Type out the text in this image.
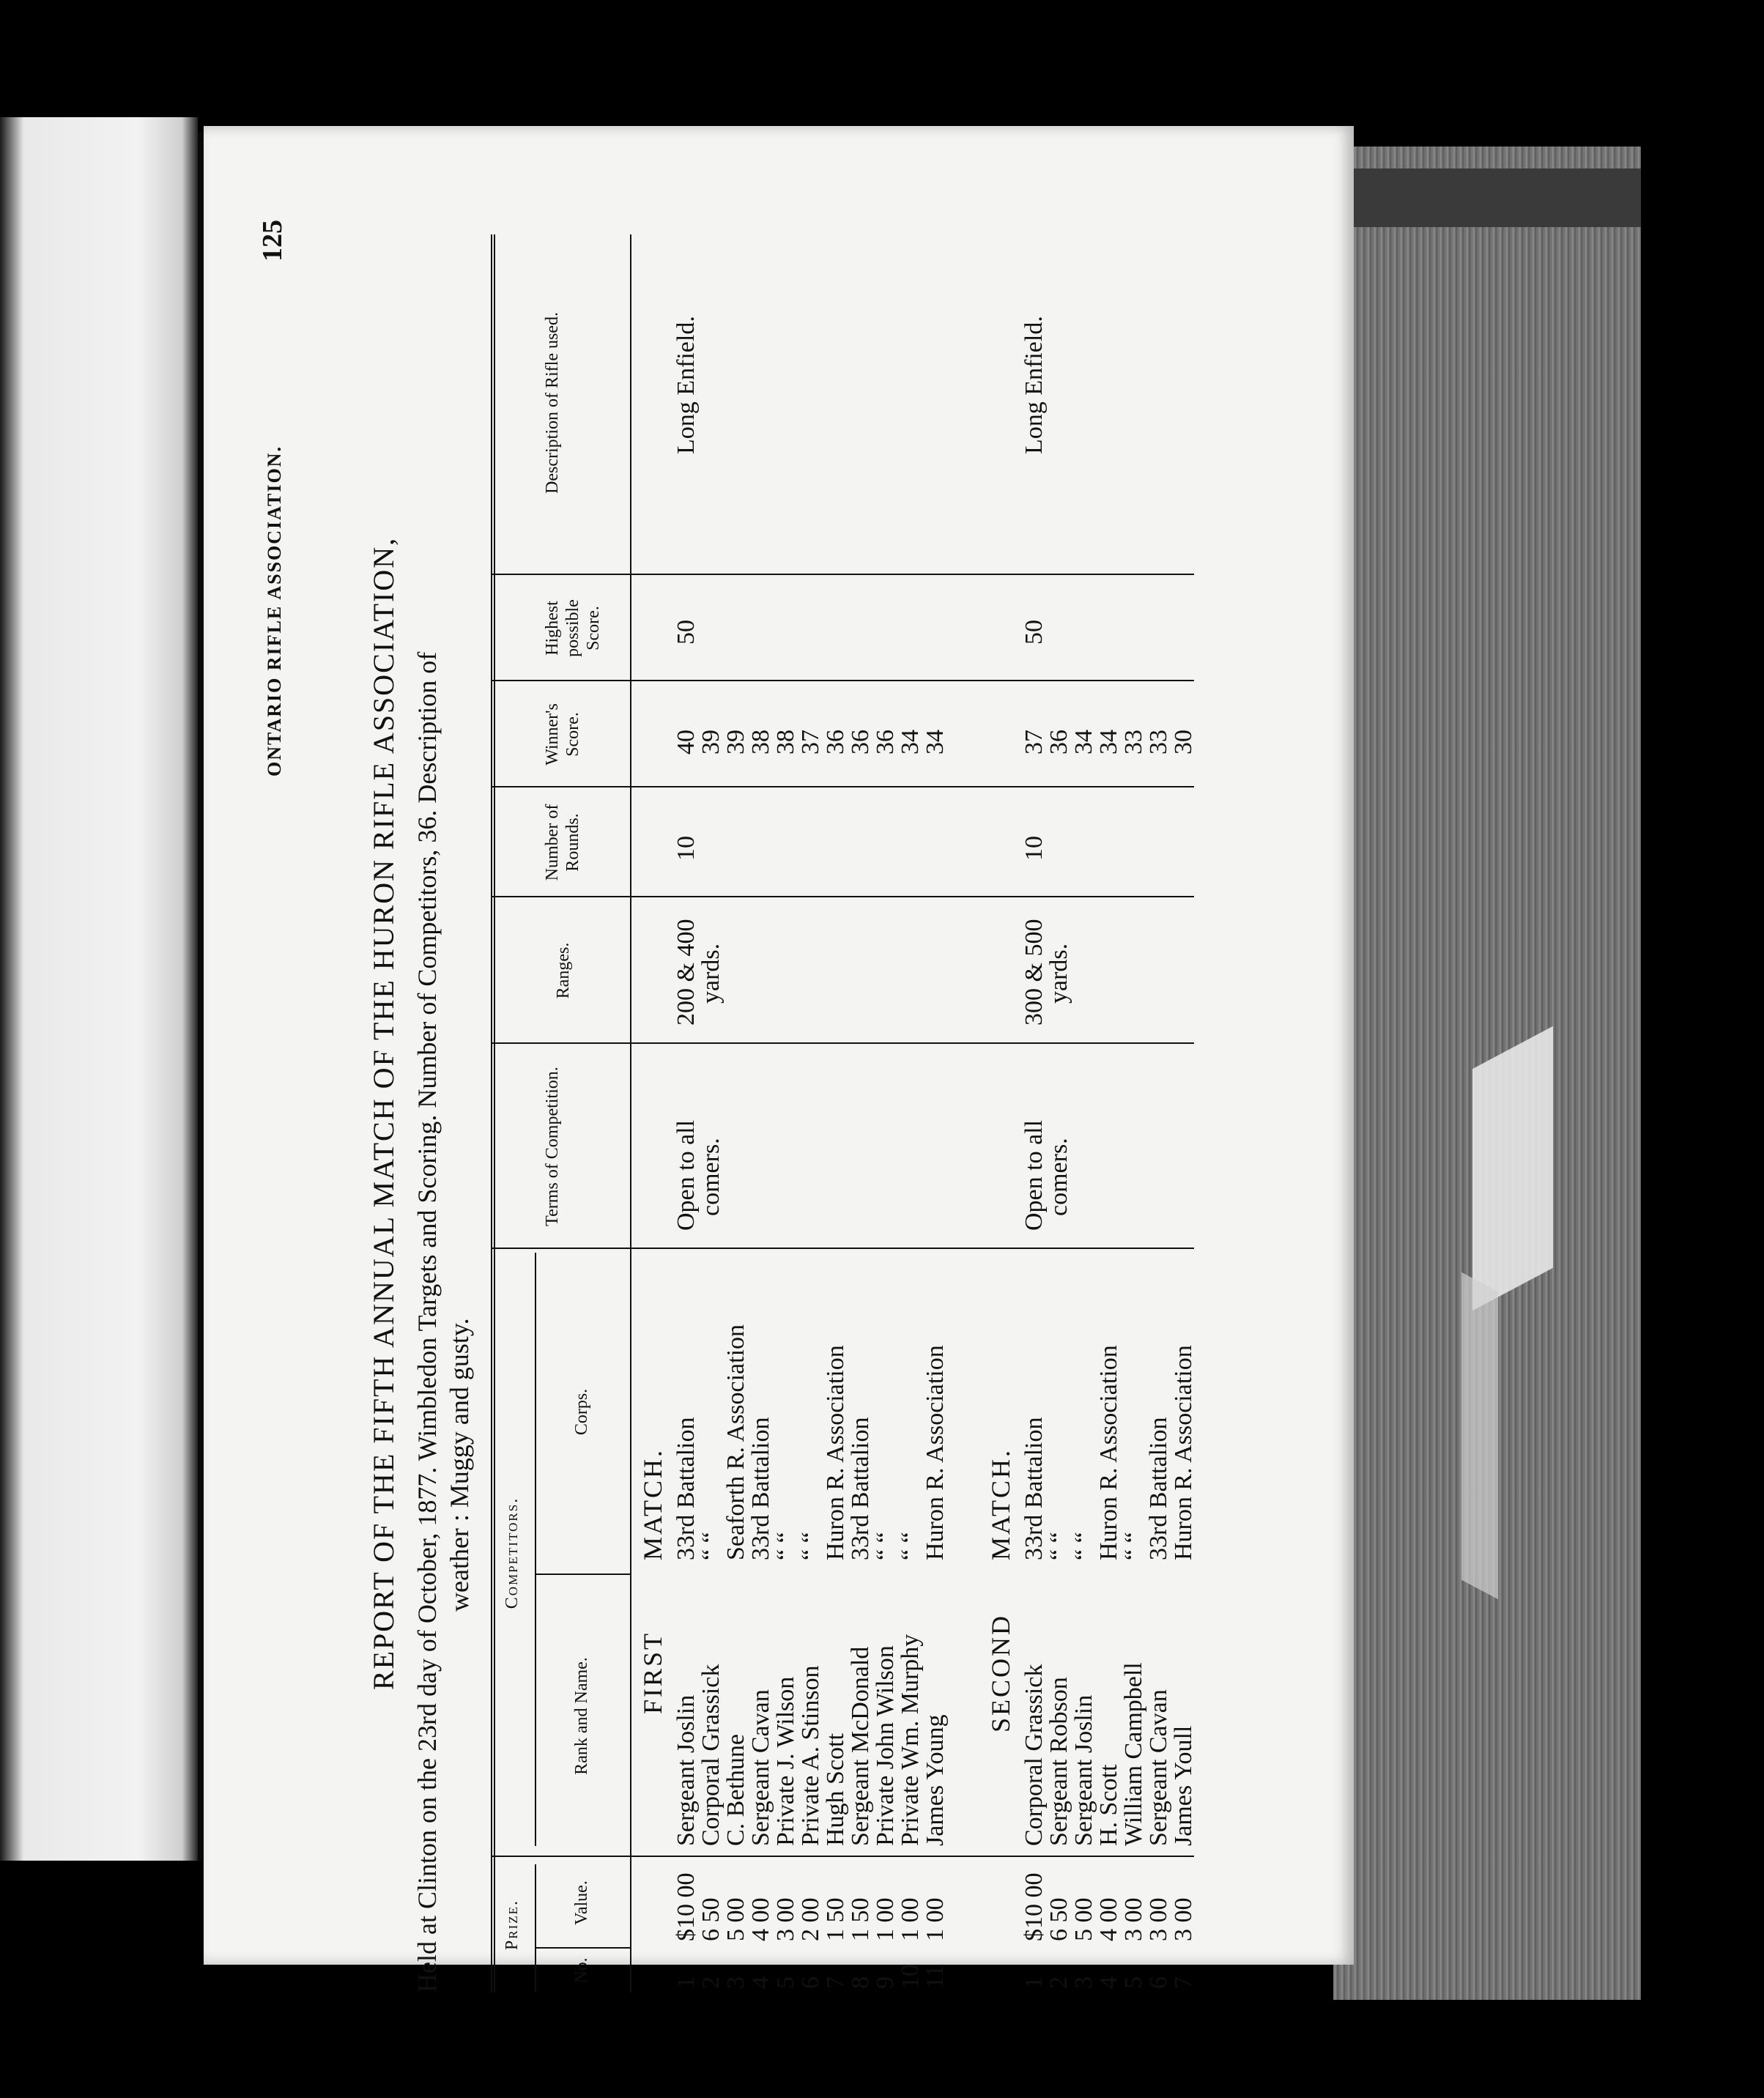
ONTARIO RIFLE ASSOCIATION.
125
REPORT OF THE FIFTH ANNUAL MATCH OF THE HURON RIFLE ASSOCIATION, Held at Clinton on the 23rd day of October, 1877. Wimbledon Targets and Scoring. Number of Competitors, 36. Description of weather : Muggy and gusty.
Prize.
No.
Value.
Competitors.
Rank and Name.
Corps.
Terms of Competition.
Ranges.
Number of Rounds.
Winner's Score.
Highest possible Score.
Description of Rifle used.
FIRST
MATCH.
Open to all
comers.
200 & 400
yards.
10
50
Long Enfield.
1
$10 00
Sergeant Joslin
33rd Battalion
40
2
6 50
Corporal Grassick
“ “
39
3
5 00
C. Bethune
Seaforth R. Association
39
4
4 00
Sergeant Cavan
33rd Battalion
38
5
3 00
Private J. Wilson
“ “
38
6
2 00
Private A. Stinson
“ “
37
7
1 50
Hugh Scott
Huron R. Association
36
8
1 50
Sergeant McDonald
33rd Battalion
36
9
1 00
Private John Wilson
“ “
36
10
1 00
Private Wm. Murphy
“ “
34
11
1 00
James Young
Huron R. Association
34
SECOND
MATCH.
Open to all
comers.
300 & 500
yards.
10
50
Long Enfield.
1
$10 00
Corporal Grassick
33rd Battalion
37
2
6 50
Sergeant Robson
“ “
36
3
5 00
Sergeant Joslin
“ “
34
4
4 00
H. Scott
Huron R. Association
34
5
3 00
William Campbell
“ “
33
6
3 00
Sergeant Cavan
33rd Battalion
33
7
3 00
James Youll
Huron R. Association
30
